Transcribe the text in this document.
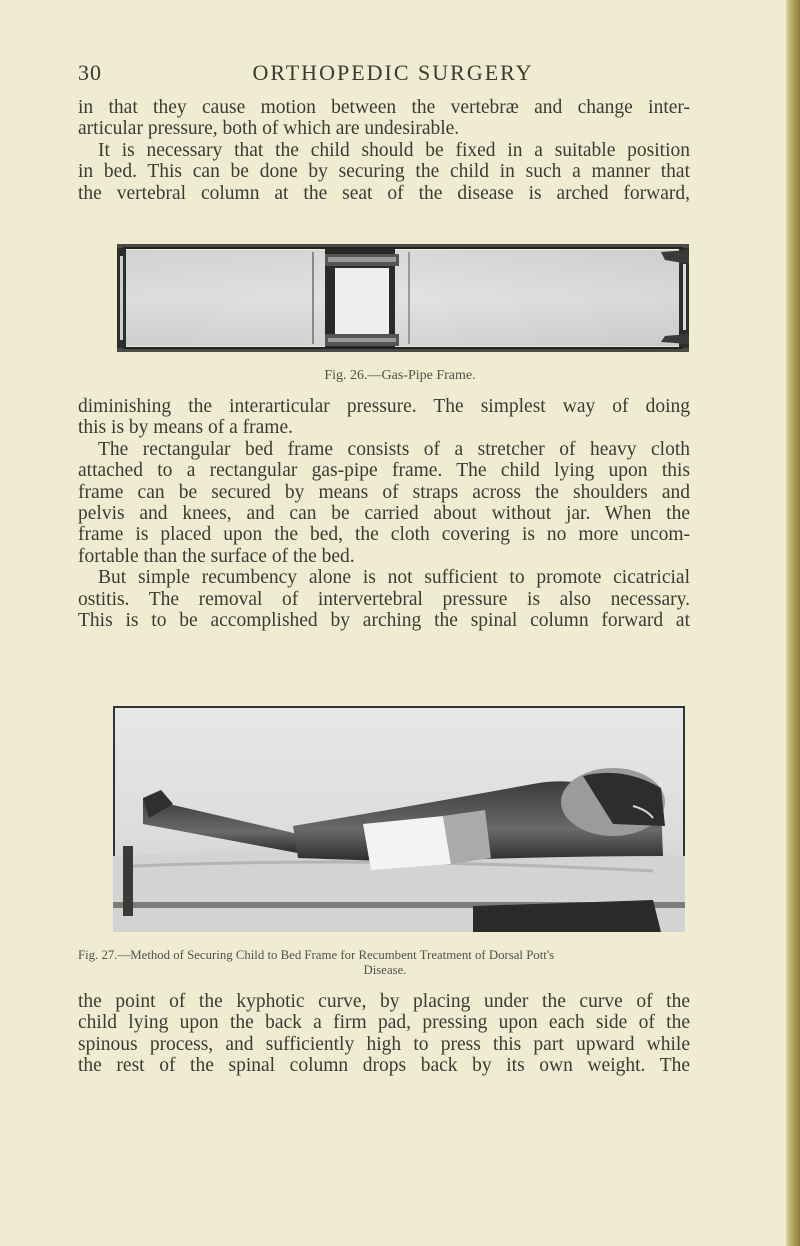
ORTHOPEDIC SURGERY
30
in that they cause motion between the vertebræ and change inter-
articular pressure, both of which are undesirable.
It is necessary that the child should be fixed in a suitable position
in bed. This can be done by securing the child in such a manner that
the vertebral column at the seat of the disease is arched forward,
Fig. 26.—Gas-Pipe Frame.
diminishing the interarticular pressure. The simplest way of doing
this is by means of a frame.
The rectangular bed frame consists of a stretcher of heavy cloth
attached to a rectangular gas-pipe frame. The child lying upon this
frame can be secured by means of straps across the shoulders and
pelvis and knees, and can be carried about without jar. When the
frame is placed upon the bed, the cloth covering is no more uncom-
fortable than the surface of the bed.
But simple recumbency alone is not sufficient to promote cicatricial
ostitis. The removal of intervertebral pressure is also necessary.
This is to be accomplished by arching the spinal column forward at
Fig. 27.—Method of Securing Child to Bed Frame for Recumbent Treatment of Dorsal Pott's
Disease.
the point of the kyphotic curve, by placing under the curve of the
child lying upon the back a firm pad, pressing upon each side of the
spinous process, and sufficiently high to press this part upward while
the rest of the spinal column drops back by its own weight. The
